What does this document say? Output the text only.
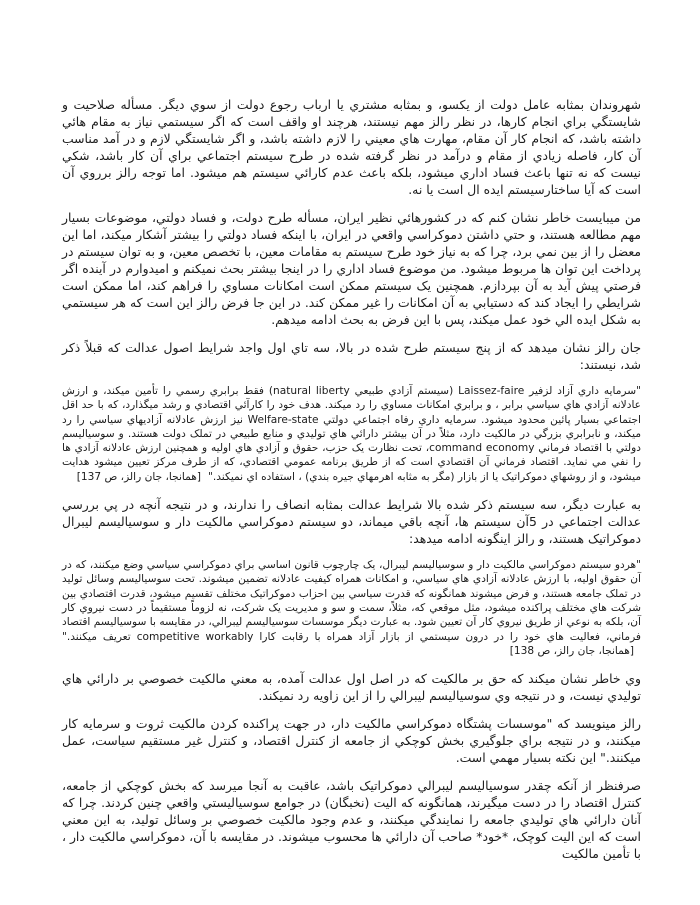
شهروندان بمثابه عامل دولت از یکسو، و بمثابه مشتري یا ارباب رجوع دولت از سوي دیگر. مسأله صلاحیت و شایستگي براي انجام کارها، در نظر رالز مهم نیستند، هرچند او واقف است که اگر سیستمي نیاز به مقام هائي داشته باشد، که انجام کار آن مقام، مهارت هاي معیني را لازم داشته باشد، و اگر شایستگي لازم و در آمد مناسب آن کار، فاصله زیادي از مقام و درآمد در نظر گرفته شده در طرح سیستم اجتماعي براي آن کار باشد، شکي نیست که نه تنها باعث فساد اداري میشود، بلکه باعث عدم کارائي سیستم هم میشود. اما توجه رالز برروي آن است که آیا ساختارسیستم ایده ال است یا نه.

من میبایست خاطر نشان کنم که در کشورهائي نظیر ایران، مسأله طرح دولت، و فساد دولتي، موضوعات بسیار مهم مطالعه هستند، و حتي داشتن دموکراسي واقعي در ایران، با اینکه فساد دولتي را بیشتر آشکار میکند، اما این معضل را از بین نمي برد، چرا که به نیاز خود طرح سیستم به مقامات معین، با تخصص معین، و به توان سیستم در پرداخت این توان ها مربوط میشود. من موضوع فساد اداري را در اینجا بیشتر بحث نمیکنم و امیدوارم در آینده اگر فرصتي پیش آید به آن بپردازم. همچنین یک سیستم ممکن است امکانات مساوي را فراهم کند، اما ممکن است شرایطي را ایجاد کند که دستیابي به آن امکانات را غیر ممکن کند. در این جا فرض رالز این است که هر سیستمي به شکل ایده الي خود عمل میکند، پس با این فرض به بحث ادامه میدهم.

جان رالز نشان میدهد که از پنج سیستم طرح شده در بالا، سه تاي اول واجد شرایط اصول عدالت که قبلاً ذکر شد، نیستند:

"سرمایه داري آزاد لزفیر Laissez-faire (سیستم آزادي طبیعي natural liberty) فقط برابري رسمي را تأمین میکند، و ارزش عادلانه آزادي هاي سیاسي برابر ، و برابري امکانات مساوي را رد میکند. هدف خود را کارآئي اقتصادي و رشد میگذارد، که با حد اقل اجتماعي بسیار پائین محدود میشود. سرمایه داري رفاه اجتماعي دولتي Welfare-state نیز ارزش عادلانه آزادیهاي سیاسي را رد میکند، و نابرابري بزرگي در مالکیت دارد، مثلاً در آن بیشتر دارائي هاي تولیدي و منابع طبیعي در تملک دولت هستند. و سوسیالیسم دولتي با اقتصاد فرماني command economy، تحت نظارت یک حزب، حقوق و آزادي هاي اولیه و همچنین ارزش عادلانه آزادي ها را نفي مي نماید. اقتصاد فرماني آن اقتصادي است که از طریق برنامه عمومي اقتصادي، که از طرف مرکز تعیین میشود هدایت میشود، و از روشهاي دموکراتیک یا از بازار (مگر به مثابه اهرمهاي جیره بندي) ، استفاده اي نمیکند."[همانجا، جان رالز، ص 137]

به عبارت دیگر، سه سیستم ذکر شده بالا شرایط عدالت بمثابه انصاف را ندارند، و در نتیجه آنچه در پي بررسي عدالت اجتماعي در 5آن سیستم ها، آنچه باقي میماند، دو سیستم دموکراسي مالکیت دار و سوسیالیسم لیبرال دموکراتیک هستند، و رالز اینگونه ادامه میدهد:

"هردو سیستم دموکراسي مالکیت دار و سوسیالیسم لیبرال، یک چارچوب قانون اساسي براي دموکراسي سیاسي وضع میکنند، که در آن حقوق اولیه، با ارزش عادلانه آزادي هاي سیاسي، و امکانات همراه کیفیت عادلانه تضمین میشوند. تحت سوسیالیسم وسائل تولید در تملک جامعه هستند، و فرض میشوند همانگونه که قدرت سیاسي بین احزاب دموکراتیک مختلف تقسیم میشود، قدرت اقتصادي بین شرکت هاي مختلف پراکنده میشود، مثل موقعي که، مثلاً، سمت و سو و مدیریت یک شرکت، نه لزوماً مستقیماً در دست نیروي کار آن، بلکه به نوعي از طریق نیروي کار آن تعیین شود. به عبارت دیگر موسسات سوسیالیسم لیبرالي، در مقایسه با سوسیالیسم اقتصاد فرماني، فعالیت هاي خود را در درون سیستمي از بازار آزاد همراه با رقابت کارا competitive workably تعریف میکنند."[همانجا، جان رالز، ص 138]

وي خاطر نشان میکند که حق بر مالکیت که در اصل اول عدالت آمده، به معني مالکیت خصوصي بر دارائي هاي تولیدي نیست، و در نتیجه وي سوسیالیسم لیبرالي را از این زاویه رد نمیکند.

رالز مینویسد که "موسسات پشتگاه دموکراسي مالکیت دار، در جهت پراکنده کردن مالکیت ثروت و سرمایه کار میکنند، و در نتیجه براي جلوگیري بخش کوچکي از جامعه از کنترل اقتصاد، و کنترل غیر مستقیم سیاست، عمل میکنند." این نکته بسیار مهمي است.

صرفنظر از آنکه چقدر سوسیالیسم لیبرالي دموکراتیک باشد، عاقبت به آنجا میرسد که بخش کوچکي از جامعه، کنترل اقتصاد را در دست میگیرند، همانگونه که الیت (نخبگان) در جوامع سوسیالیستي واقعي چنین کردند. چرا که آنان دارائي هاي تولیدي جامعه را نمایندگي میکنند، و عدم وجود مالکیت خصوصي بر وسائل تولید، به این معني است که این الیت کوچک، *خود* صاحب آن دارائي ها محسوب میشوند. در مقایسه با آن، دموکراسي مالکیت دار ، با تأمین مالکیت
